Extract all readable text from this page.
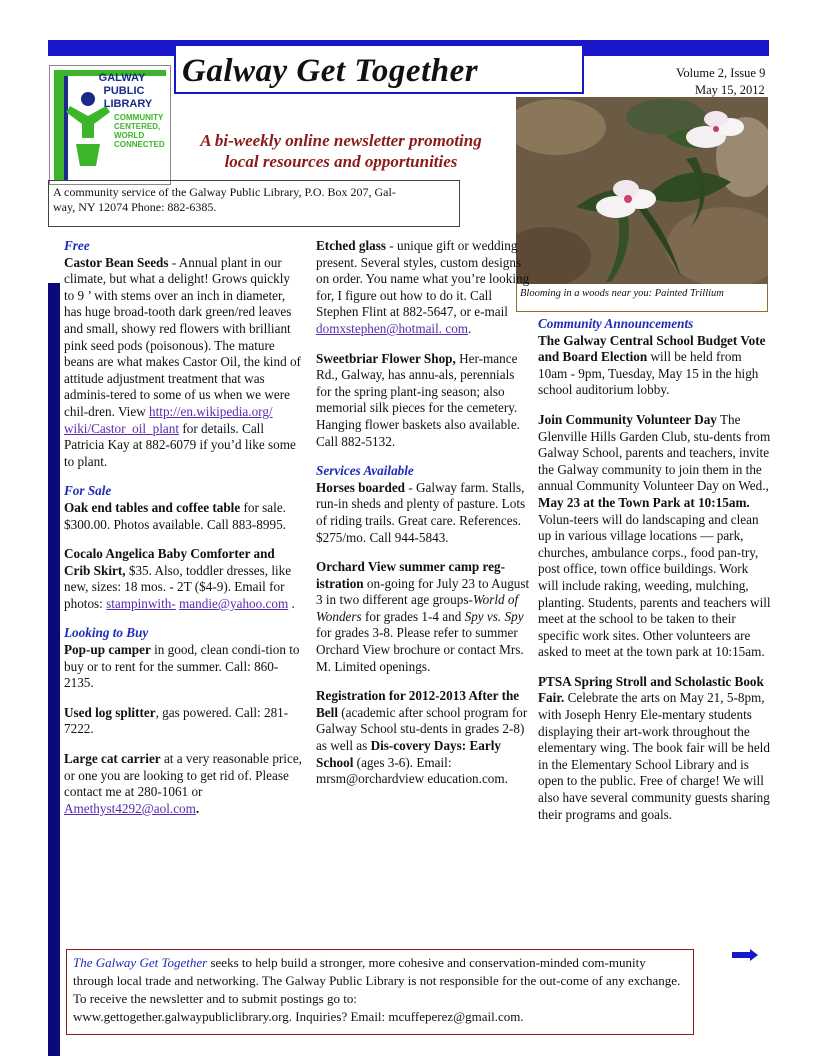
Galway Get Together	Volume 2, Issue 9
May 15, 2012
GALWAY
PUBLIC
LIBRARY
COMMUNITY
CENTERED,
WORLD
CONNECTED	A bi-weekly online newsletter promoting
local resources and opportunities
A community service of the Galway Public Library, P.O. Box 207, Gal-
way, NY 12074 Phone: 882-6385.
Blooming in a woods near you: Painted Trillium

Free

Castor Bean Seeds - Annual plant in our climate, but what a delight! Grows quickly to 9 ’ with stems over an inch in diameter, has huge broad-tooth dark green/red leaves and small, showy red flowers with brilliant pink seed pods (poisonous). The mature beans are what makes Castor Oil, the kind of attitude adjustment treatment that was adminis-tered to some of us when we were chil-dren. View http://en.wikipedia.org/ wiki/Castor_oil_plant for details. Call Patricia Kay at 882-6079 if you’d like some to plant.

For Sale

Oak end tables and coffee table for sale. $300.00. Photos available. Call 883-8995.

Cocalo Angelica Baby Comforter and Crib Skirt, $35. Also, toddler dresses, like new, sizes: 18 mos. - 2T ($4-9). Email for photos: stampinwith- mandie@yahoo.com .

Looking to Buy

Pop-up camper in good, clean condi-tion to buy or to rent for the summer. Call: 860-2135.

Used log splitter, gas powered. Call: 281-7222.

Large cat carrier at a very reasonable price, or one you are looking to get rid of. Please contact me at 280-1061 or Amethyst4292@aol.com.

Etched glass - unique gift or wedding present. Several styles, custom designs on order. You name what you’re looking for, I figure out how to do it. Call Stephen Flint at 882-5647, or e-mail domxstephen@hotmail. com.

Sweetbriar Flower Shop, Her-mance Rd., Galway, has annu-als, perennials for the spring plant-ing season; also memorial silk pieces for the cemetery. Hanging flower baskets also available. Call 882-5132.

Services Available

Horses boarded - Galway farm. Stalls, run-in sheds and plenty of pasture. Lots of riding trails. Great care. References. $275/mo. Call 944-5843.

Orchard View summer camp reg-istration on-going for July 23 to August 3 in two different age groups-World of Wonders for grades 1-4 and Spy vs. Spy for grades 3-8. Please refer to summer Orchard View brochure or contact Mrs. M. Limited openings.

Registration for 2012-2013 After the Bell (academic after school program for Galway School stu-dents in grades 2-8) as well as Dis-covery Days: Early School (ages 3-6). Email: mrsm@orchardview education.com.

Community Announcements

The Galway Central School Budget Vote and Board Election will be held from 10am - 9pm, Tuesday, May 15 in the high school auditorium lobby.

Join Community Volunteer Day The Glenville Hills Garden Club, stu-dents from Galway School, parents and teachers, invite the Galway community to join them in the annual Community Volunteer Day on Wed., May 23 at the Town Park at 10:15am. Volun-teers will do landscaping and clean up in various village locations — park, churches, ambulance corps., food pan-try, post office, town office buildings. Work will include raking, weeding, mulching, planting. Students, parents and teachers will meet at the school to be taken to their specific work sites. Other volunteers are asked to meet at the town park at 10:15am.

PTSA Spring Stroll and Scholastic Book Fair. Celebrate the arts on May 21, 5-8pm, with Joseph Henry Ele-mentary students displaying their art-work throughout the elementary wing. The book fair will be held in the Elementary School Library and is open to the public. Free of charge! We will also have several community guests sharing their programs and goals.

The Galway Get Together seeks to help build a stronger, more cohesive and conservation-minded com-munity through local trade and networking. The Galway Public Library is not responsible for the out-come of any exchange. To receive the newsletter and to submit postings go to:
www.gettogether.galwaypubliclibrary.org. Inquiries? Email: mcuffeperez@gmail.com.
